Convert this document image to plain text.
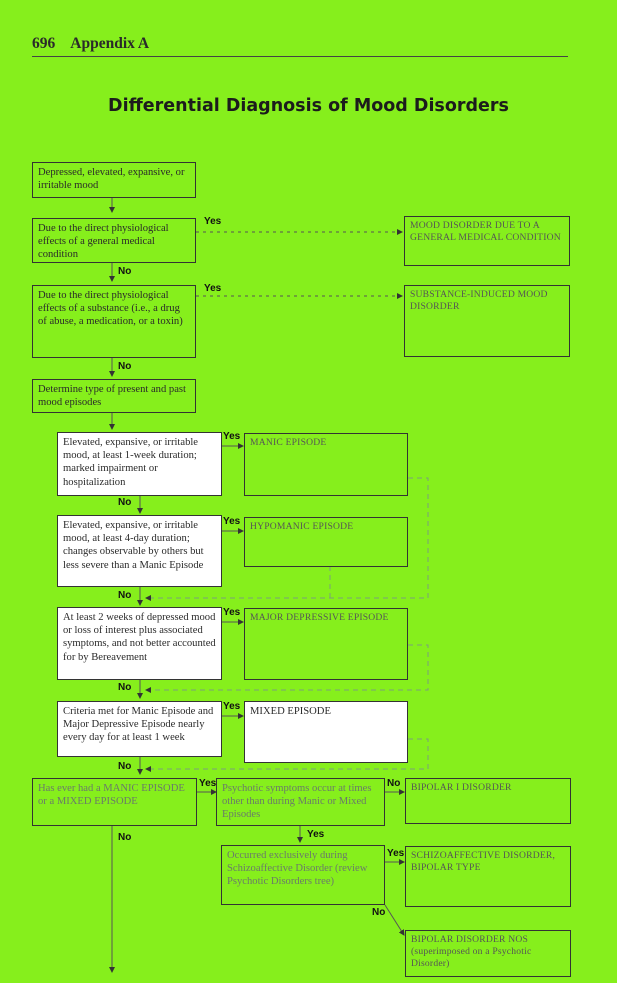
696 Appendix A
Differential Diagnosis of Mood Disorders
Depressed, elevated, expansive, or irritable mood
Due to the direct physiological effects of a general medical condition
Due to the direct physiological effects of a substance (i.e., a drug of abuse, a medication, or a toxin)
Determine type of present and past mood episodes
Elevated, expansive, or irritable mood, at least 1-week duration; marked impairment or hospitalization
Elevated, expansive, or irritable mood, at least 4-day duration; changes observable by others but less severe than a Manic Episode
At least 2 weeks of depressed mood or loss of interest plus associated symptoms, and not better accounted for by Bereavement
Criteria met for Manic Episode and Major Depressive Episode nearly every day for at least 1 week
Has ever had a MANIC EPISODE or a MIXED EPISODE
Psychotic symptoms occur at times other than during Manic or Mixed Episodes
Occurred exclusively during Schizoaffective Disorder (review Psychotic Disorders tree)
MOOD DISORDER DUE TO A GENERAL MEDICAL CONDITION
SUBSTANCE-INDUCED MOOD DISORDER
MANIC EPISODE
HYPOMANIC EPISODE
MAJOR DEPRESSIVE EPISODE
MIXED EPISODE
BIPOLAR I DISORDER
SCHIZOAFFECTIVE DISORDER, BIPOLAR TYPE
BIPOLAR DISORDER NOS (superimposed on a Psychotic Disorder)
Yes
No
Yes
No
Yes
No
Yes
No
Yes
No
Yes
No
Yes
No
No
Yes
Yes
No
